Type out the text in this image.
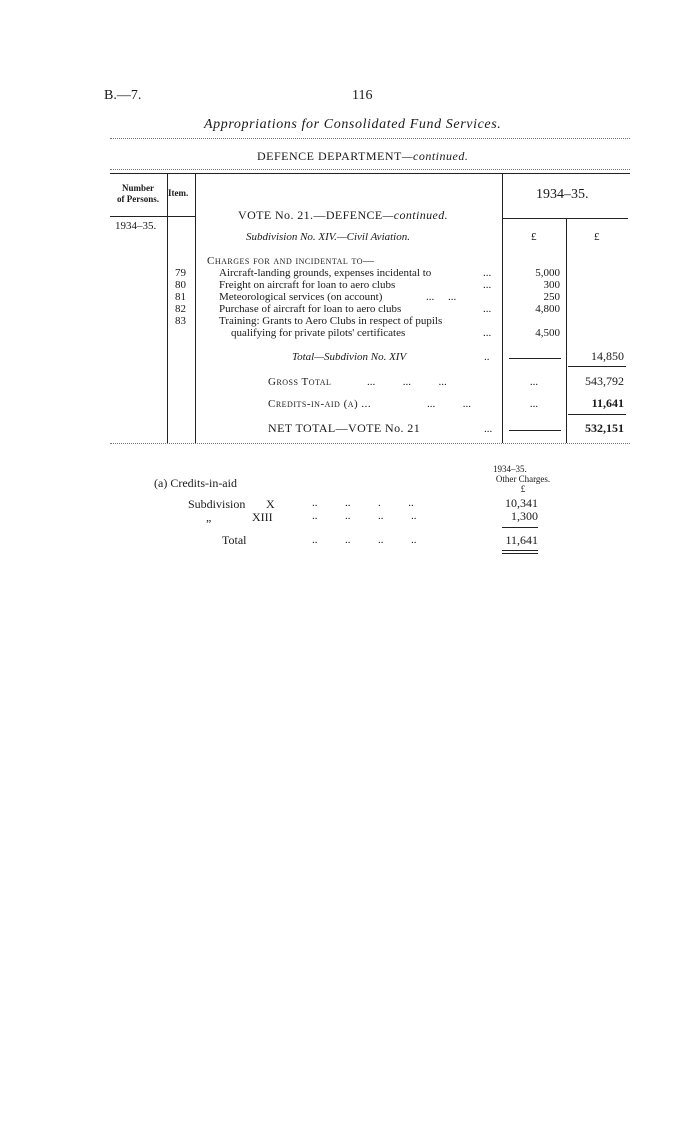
B.—7.	116
Appropriations for Consolidated Fund Services.
DEFENCE DEPARTMENT—continued.
Number
of Persons.
Item.	1934–35.
1934–35.
VOTE No. 21.—DEFENCE—continued.
Subdivision No. XIV.—Civil Aviation.	£	£
Charges for and incidental to—
79	Aircraft-landing grounds, expenses incidental to	...	5,000
80	Freight on aircraft for loan to aero clubs	...	300
81	Meteorological services (on account)	...     ...	250
82	Purchase of aircraft for loan to aero clubs	...	4,800
83	Training: Grants to Aero Clubs in respect of pupils
qualifying for private pilots' certificates	...	4,500
Total—Subdivion No. XIV	..	14,850
Gross Total	...          ...          ...	...	543,792
Credits-in-aid (a) ...	...          ...	...	11,641
NET TOTAL—VOTE No. 21	...	532,151
1934–35.
Other Charges.
£
(a) Credits-in-aid
Subdivision X	..          ..          .          ..	10,341
„	XIII	..          ..          ..          ..	1,300
Total	..          ..          ..          ..	11,641
